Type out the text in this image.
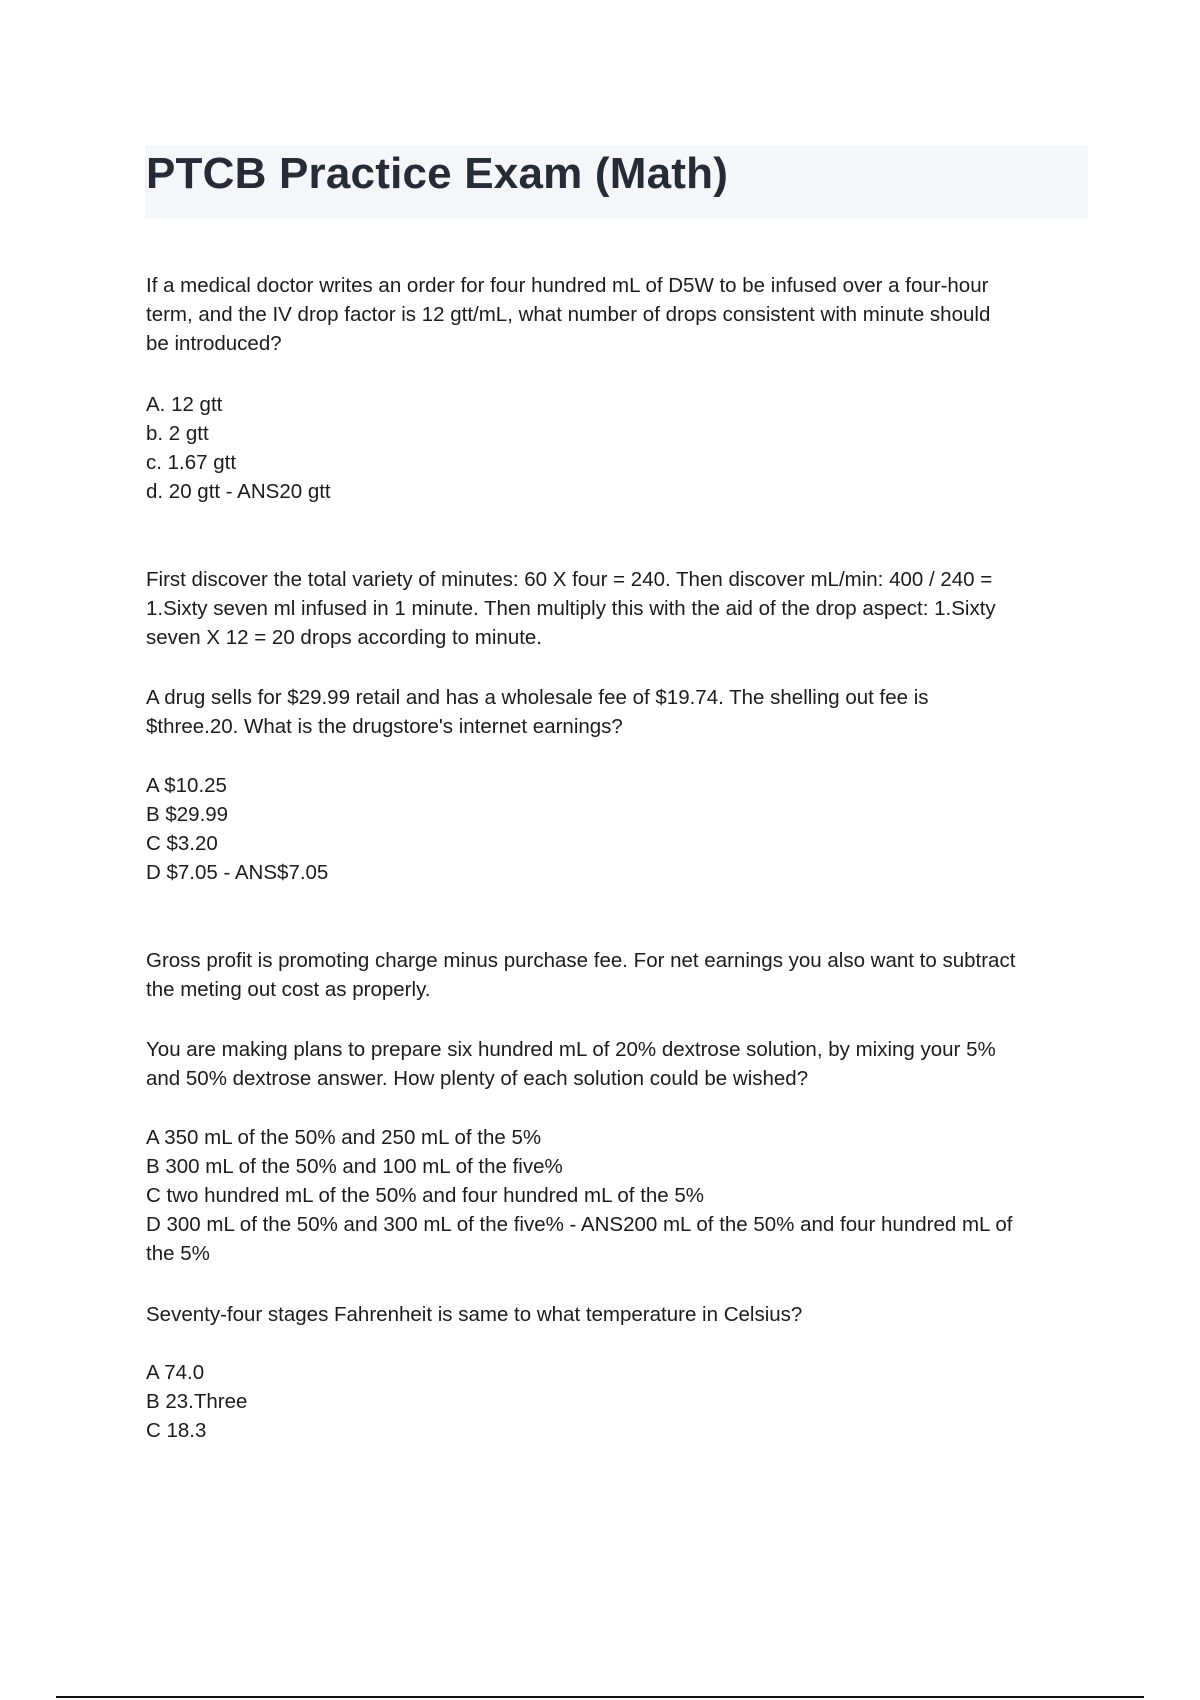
PTCB Practice Exam (Math)
If a medical doctor writes an order for four hundred mL of D5W to be infused over a four-hour
term, and the IV drop factor is 12 gtt/mL, what number of drops consistent with minute should
be introduced?
A. 12 gtt
b. 2 gtt
c. 1.67 gtt
d. 20 gtt - ANS20 gtt
First discover the total variety of minutes: 60 X four = 240. Then discover mL/min: 400 / 240 =
1.Sixty seven ml infused in 1 minute. Then multiply this with the aid of the drop aspect: 1.Sixty
seven X 12 = 20 drops according to minute.
A drug sells for $29.99 retail and has a wholesale fee of $19.74. The shelling out fee is
$three.20. What is the drugstore's internet earnings?
A $10.25
B $29.99
C $3.20
D $7.05 - ANS$7.05
Gross profit is promoting charge minus purchase fee. For net earnings you also want to subtract
the meting out cost as properly.
You are making plans to prepare six hundred mL of 20% dextrose solution, by mixing your 5%
and 50% dextrose answer. How plenty of each solution could be wished?
A 350 mL of the 50% and 250 mL of the 5%
B 300 mL of the 50% and 100 mL of the five%
C two hundred mL of the 50% and four hundred mL of the 5%
D 300 mL of the 50% and 300 mL of the five% - ANS200 mL of the 50% and four hundred mL of
the 5%
Seventy-four stages Fahrenheit is same to what temperature in Celsius?
A 74.0
B 23.Three
C 18.3
